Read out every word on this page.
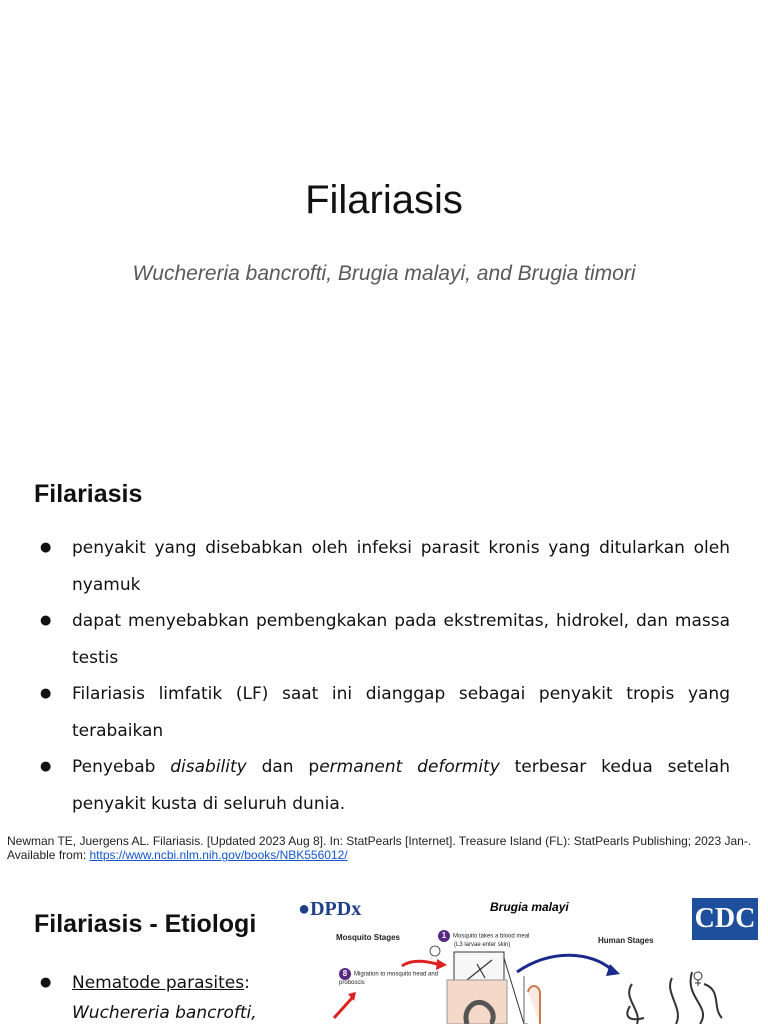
Filariasis
Wuchereria bancrofti, Brugia malayi, and Brugia timori
Filariasis
● penyakit yang disebabkan oleh infeksi parasit kronis yang ditularkan oleh nyamuk
● dapat menyebabkan pembengkakan pada ekstremitas, hidrokel, dan massa testis
● Filariasis limfatik (LF) saat ini dianggap sebagai penyakit tropis yang terabaikan
● Penyebab disability dan permanent deformity terbesar kedua setelah penyakit kusta di seluruh dunia.
Newman TE, Juergens AL. Filariasis. [Updated 2023 Aug 8]. In: StatPearls [Internet]. Treasure Island (FL): StatPearls Publishing; 2023 Jan-. Available from: https://www.ncbi.nlm.nih.gov/books/NBK556012/
Filariasis - Etiologi
● Nematode parasites:
Wuchereria bancrofti,
●DPDx	Brugia malayi	CDC
Mosquito Stages	Human Stages
1 Mosquito takes a blood meal
(L3 larvae enter skin)
8 Migration to mosquito head and proboscis
